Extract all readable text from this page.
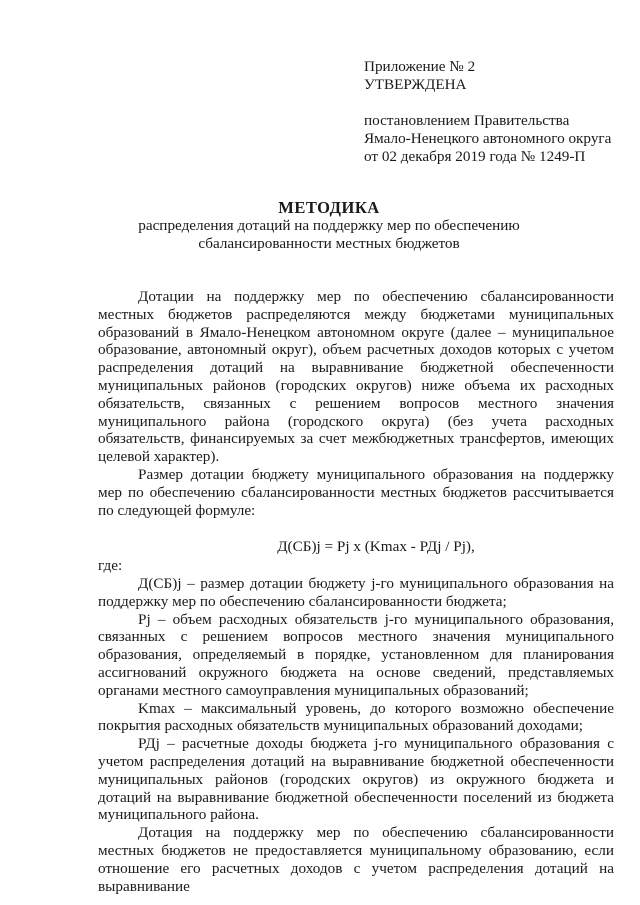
Приложение № 2
УТВЕРЖДЕНА
постановлением Правительства
Ямало-Ненецкого автономного округа
от 02 декабря 2019 года № 1249-П
МЕТОДИКА
распределения дотаций на поддержку мер по обеспечению
сбалансированности местных бюджетов

Дотации на поддержку мер по обеспечению сбалансированности местных бюджетов распределяются между бюджетами муниципальных образований в Ямало-Ненецком автономном округе (далее – муниципальное образование, автономный округ), объем расчетных доходов которых с учетом распределения дотаций на выравнивание бюджетной обеспеченности муниципальных районов (городских округов) ниже объема их расходных обязательств, связанных с решением вопросов местного значения муниципального района (городского округа) (без учета расходных обязательств, финансируемых за счет межбюджетных трансфертов, имеющих целевой характер).

Размер дотации бюджету муниципального образования на поддержку мер по обеспечению сбалансированности местных бюджетов рассчитывается по следующей формуле:

Д(СБ)j = Pj x (Kmax - РДj / Pj),

где:

Д(СБ)j – размер дотации бюджету j-го муниципального образования на поддержку мер по обеспечению сбалансированности бюджета;

Pj – объем расходных обязательств j-го муниципального образования, связанных с решением вопросов местного значения муниципального образования, определяемый в порядке, установленном для планирования ассигнований окружного бюджета на основе сведений, представляемых органами местного самоуправления муниципальных образований;

Kmax – максимальный уровень, до которого возможно обеспечение покрытия расходных обязательств муниципальных образований доходами;

РДj – расчетные доходы бюджета j-го муниципального образования с учетом распределения дотаций на выравнивание бюджетной обеспеченности муниципальных районов (городских округов) из окружного бюджета и дотаций на выравнивание бюджетной обеспеченности поселений из бюджета муниципального района.

Дотация на поддержку мер по обеспечению сбалансированности местных бюджетов не предоставляется муниципальному образованию, если отношение его расчетных доходов с учетом распределения дотаций на выравнивание
